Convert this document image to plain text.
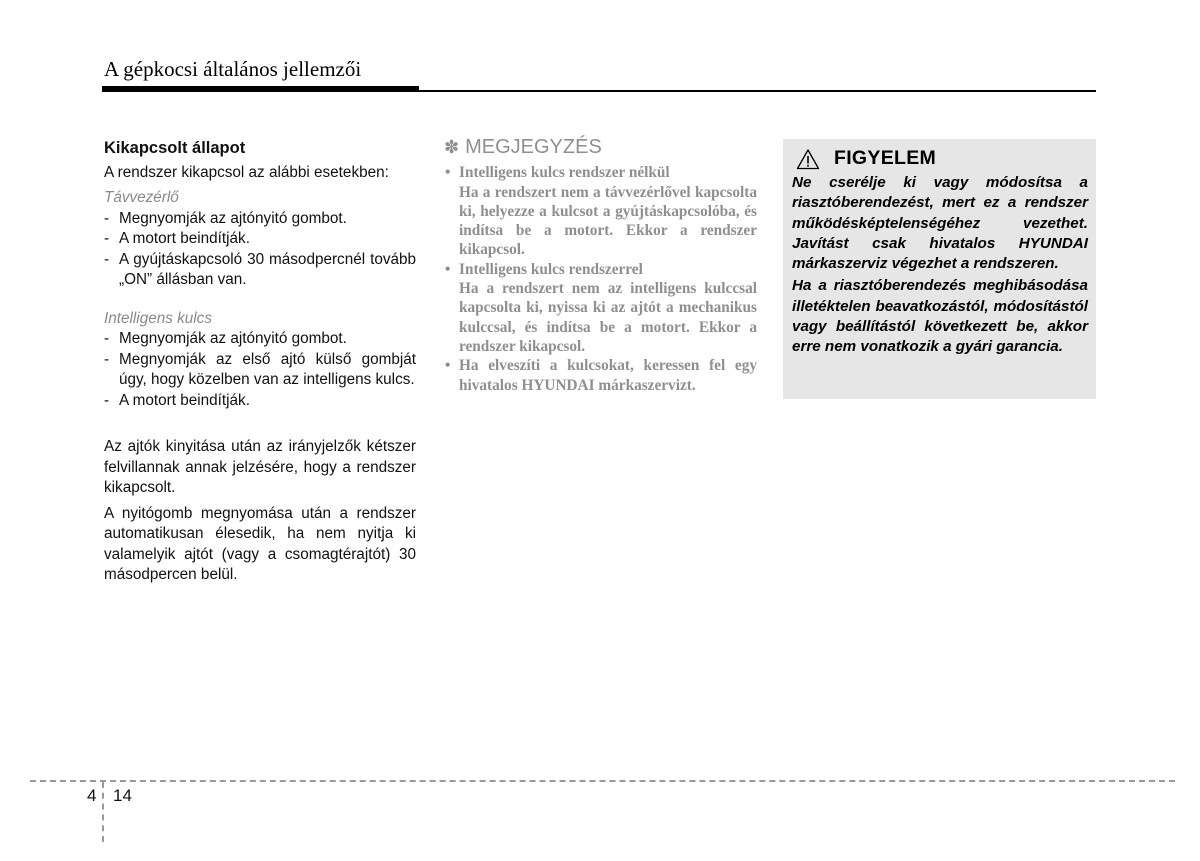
A gépkocsi általános jellemzői
Kikapcsolt állapot
A rendszer kikapcsol az alábbi esetekben:
Távvezérlő
- Megnyomják az ajtónyitó gombot.
- A motort beindítják.
- A gyújtáskapcsoló 30 másodpercnél tovább „ON” állásban van.
Intelligens kulcs
- Megnyomják az ajtónyitó gombot.
- Megnyomják az első ajtó külső gombját úgy, hogy közelben van az intelligens kulcs.
- A motort beindítják.
Az ajtók kinyitása után az irányjelzők kétszer felvillannak annak jelzésére, hogy a rendszer kikapcsolt.
A nyitógomb megnyomása után a rendszer automatikusan élesedik, ha nem nyitja ki valamelyik ajtót (vagy a csomagtérajtót) 30 másodpercen belül.
✽ MEGJEGYZÉS
• Intelligens kulcs rendszer nélkül
Ha a rendszert nem a távvezérlővel kapcsolta ki, helyezze a kulcsot a gyújtáskapcsolóba, és indítsa be a motort. Ekkor a rendszer kikapcsol.
• Intelligens kulcs rendszerrel
Ha a rendszert nem az intelligens kulccsal kapcsolta ki, nyissa ki az ajtót a mechanikus kulccsal, és indítsa be a motort. Ekkor a rendszer kikapcsol.
• Ha elveszíti a kulcsokat, keressen fel egy hivatalos HYUNDAI márkaszervizt.
FIGYELEM

Ne cserélje ki vagy módosítsa a riasztóberendezést, mert ez a rendszer működésképtelenségéhez vezethet. Javítást csak hivatalos HYUNDAI márkaszerviz végezhet a rendszeren.

Ha a riasztóberendezés meghibásodása illetéktelen beavatkozástól, módosítástól vagy beállítástól következett be, akkor erre nem vonatkozik a gyári garancia.

4 14
